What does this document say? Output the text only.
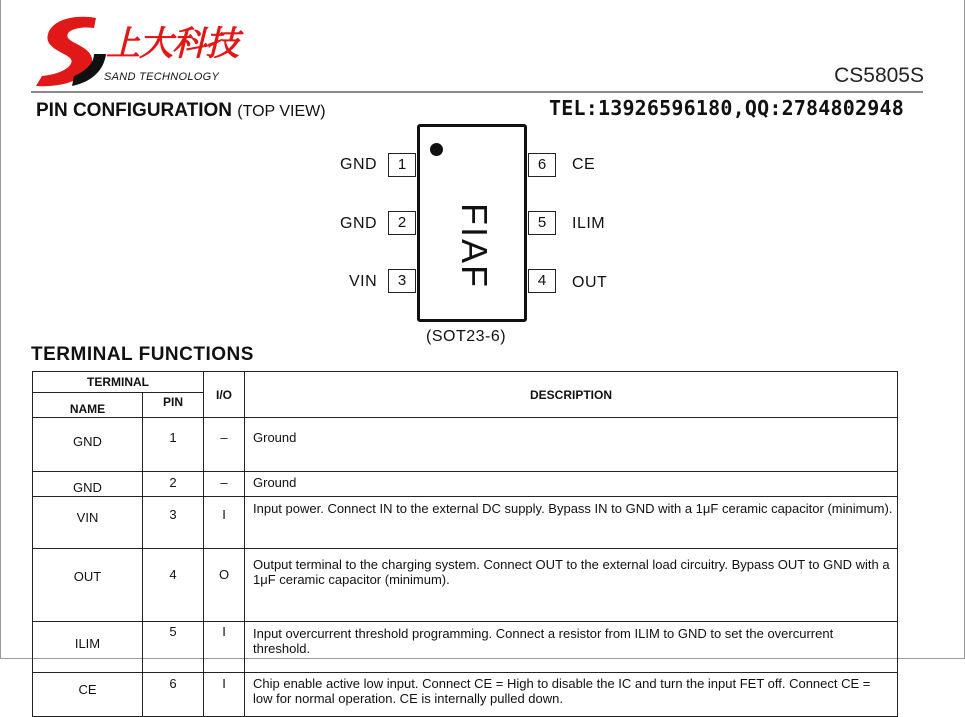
上大科技
SAND TECHNOLOGY	CS5805S
PIN CONFIGURATION (TOP VIEW)	TEL:13926596180,QQ:2784802948
FIAF
GND	1
GND	2
VIN	3
6	CE
5	ILIM
4	OUT
(SOT23-6)
TERMINAL FUNCTIONS
TERMINAL		I/O	DESCRIPTION
NAME	PIN		
GND	1	–	Ground

GND	2	–	Ground
VIN	3	I	Input power. Connect IN to the external DC supply. Bypass IN to GND with a 1μF ceramic capacitor (minimum).
OUT	4	O	Output terminal to the charging system. Connect OUT to the external load circuitry. Bypass OUT to GND with a 1μF ceramic capacitor (minimum).
ILIM	5	I	Input overcurrent threshold programming. Connect a resistor from ILIM to GND to set the overcurrent threshold.
CE	6	I	Chip enable active low input. Connect CE = High to disable the IC and turn the input FET off. Connect CE = low for normal operation. CE is internally pulled down.
